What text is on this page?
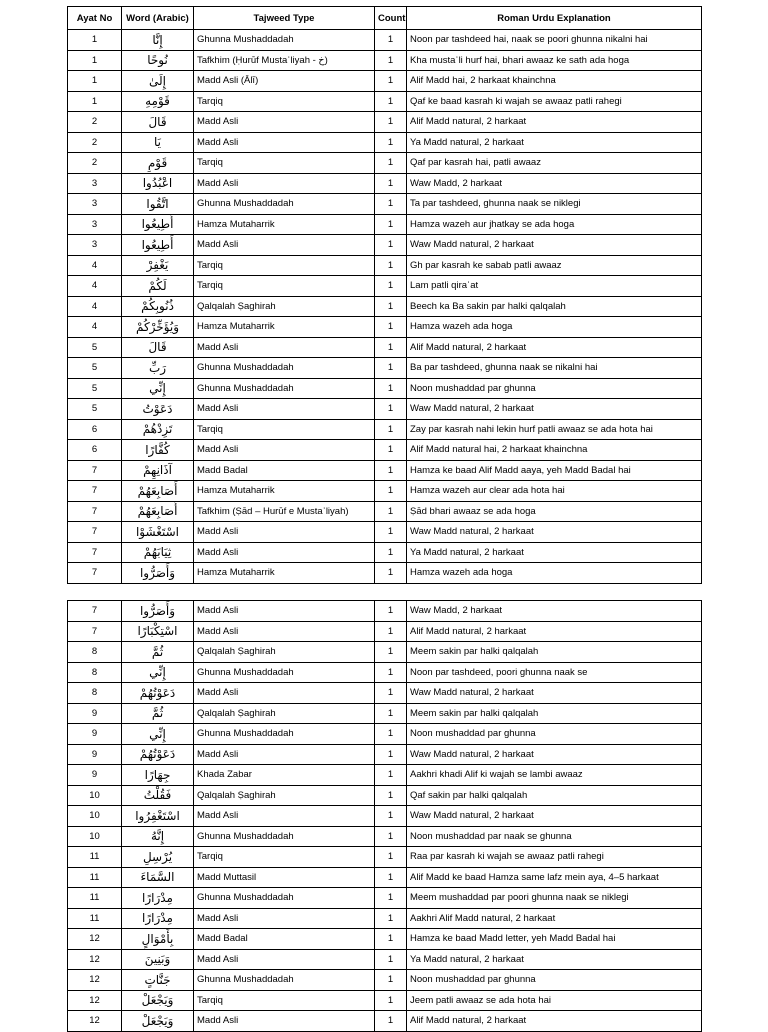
Ayat No	Word (Arabic)	Tajweed Type	Count	Roman Urdu Explanation
1	إِنَّا	Ghunna Mushaddadah	1	Noon par tashdeed hai, naak se poori ghunna nikalni hai
1	نُوحًا	Tafkhim (Ḥurūf Mustaʿliyah - خ)	1	Kha mustaʿli hurf hai, bhari awaaz ke sath ada hoga
1	إِلَىٰ	Madd Asli (Ālī)	1	Alif Madd hai, 2 harkaat khainchna
1	قَوْمِهِ	Tarqiq	1	Qaf ke baad kasrah ki wajah se awaaz patli rahegi
2	قَالَ	Madd Asli	1	Alif Madd natural, 2 harkaat
2	يَا	Madd Asli	1	Ya Madd natural, 2 harkaat
2	قَوْمِ	Tarqiq	1	Qaf par kasrah hai, patli awaaz
3	اعْبُدُوا	Madd Asli	1	Waw Madd, 2 harkaat
3	اتَّقُوا	Ghunna Mushaddadah	1	Ta par tashdeed, ghunna naak se niklegi
3	أَطِيعُوا	Hamza Mutaharrik	1	Hamza wazeh aur jhatkay se ada hoga
3	أَطِيعُوا	Madd Asli	1	Waw Madd natural, 2 harkaat
4	يَغْفِرْ	Tarqiq	1	Gh par kasrah ke sabab patli awaaz
4	لَكُمْ	Tarqiq	1	Lam patli qiraʾat
4	ذُنُوبِكُمْ	Qalqalah Ṣaghirah	1	Beech ka Ba sakin par halki qalqalah
4	وَيُؤَخِّرْكُمْ	Hamza Mutaharrik	1	Hamza wazeh ada hoga
5	قَالَ	Madd Asli	1	Alif Madd natural, 2 harkaat
5	رَبِّ	Ghunna Mushaddadah	1	Ba par tashdeed, ghunna naak se nikalni hai
5	إِنِّي	Ghunna Mushaddadah	1	Noon mushaddad par ghunna
5	دَعَوْتُ	Madd Asli	1	Waw Madd natural, 2 harkaat
6	تَزِدْهُمْ	Tarqiq	1	Zay par kasrah nahi lekin hurf patli awaaz se ada hota hai
6	كُفَّارًا	Madd Asli	1	Alif Madd natural hai, 2 harkaat khainchna
7	آذَانِهِمْ	Madd Badal	1	Hamza ke baad Alif Madd aaya, yeh Madd Badal hai
7	أَصَابِعَهُمْ	Hamza Mutaharrik	1	Hamza wazeh aur clear ada hota hai
7	أَصَابِعَهُمْ	Tafkhim (Ṣād – Hurūf e Mustaʿliyah)	1	Ṣād bhari awaaz se ada hoga
7	اسْتَغْشَوْا	Madd Asli	1	Waw Madd natural, 2 harkaat
7	ثِيَابَهُمْ	Madd Asli	1	Ya Madd natural, 2 harkaat
7	وَأَصَرُّوا	Hamza Mutaharrik	1	Hamza wazeh ada hoga
7	وَأَصَرُّوا	Madd Asli	1	Waw Madd, 2 harkaat
7	اسْتِكْبَارًا	Madd Asli	1	Alif Madd natural, 2 harkaat
8	ثُمَّ	Qalqalah Ṣaghirah	1	Meem sakin par halki qalqalah
8	إِنِّي	Ghunna Mushaddadah	1	Noon par tashdeed, poori ghunna naak se
8	دَعَوْتُهُمْ	Madd Asli	1	Waw Madd natural, 2 harkaat
9	ثُمَّ	Qalqalah Ṣaghirah	1	Meem sakin par halki qalqalah
9	إِنِّي	Ghunna Mushaddadah	1	Noon mushaddad par ghunna
9	دَعَوْتُهُمْ	Madd Asli	1	Waw Madd natural, 2 harkaat
9	جِهَارًا	Khada Zabar	1	Aakhri khadi Alif ki wajah se lambi awaaz
10	فَقُلْتُ	Qalqalah Ṣaghirah	1	Qaf sakin par halki qalqalah
10	اسْتَغْفِرُوا	Madd Asli	1	Waw Madd natural, 2 harkaat
10	إِنَّهُ	Ghunna Mushaddadah	1	Noon mushaddad par naak se ghunna
11	يُرْسِلِ	Tarqiq	1	Raa par kasrah ki wajah se awaaz patli rahegi
11	السَّمَاءَ	Madd Muttasil	1	Alif Madd ke baad Hamza same lafz mein aya, 4–5 harkaat
11	مِدْرَارًا	Ghunna Mushaddadah	1	Meem mushaddad par poori ghunna naak se niklegi
11	مِدْرَارًا	Madd Asli	1	Aakhri Alif Madd natural, 2 harkaat
12	بِأَمْوَالٍ	Madd Badal	1	Hamza ke baad Madd letter, yeh Madd Badal hai
12	وَبَنِينَ	Madd Asli	1	Ya Madd natural, 2 harkaat
12	جَنَّاتٍ	Ghunna Mushaddadah	1	Noon mushaddad par ghunna
12	وَيَجْعَلْ	Tarqiq	1	Jeem patli awaaz se ada hota hai
12	وَيَجْعَلْ	Madd Asli	1	Alif Madd natural, 2 harkaat
